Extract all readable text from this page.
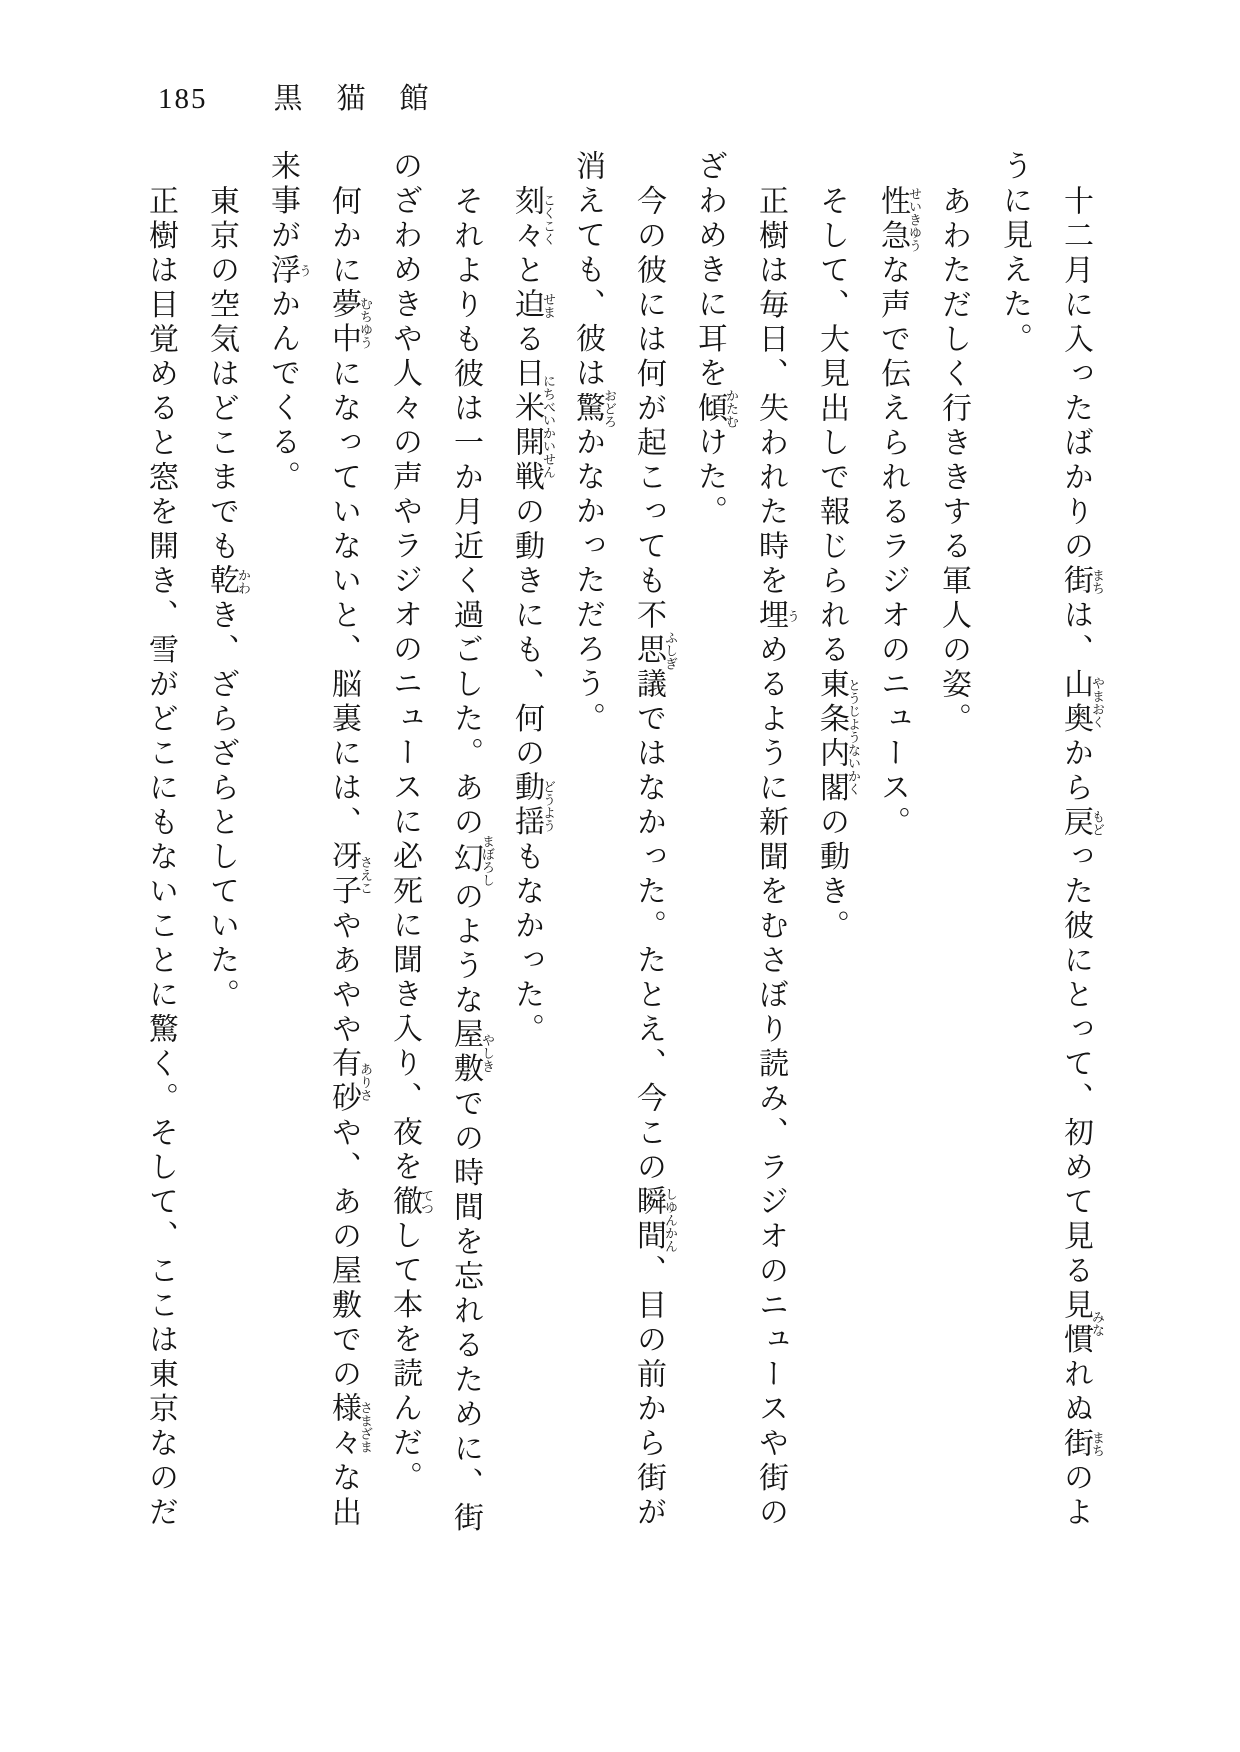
185 黒猫館
十二月に入ったばかりの街まちは、山奥やまおくから戻もどった彼にとって、初めて見る見慣みなれぬ街まちのよ
うに見えた。
あわただしく行ききする軍人の姿。
性急せいきゆうな声で伝えられるラジオのニュース。
そして、大見出しで報じられる東条内閣とうじようないかくの動き。
正樹は毎日、失われた時を埋うめるように新聞をむさぼり読み、ラジオのニュースや街の
ざわめきに耳を傾かたむけた。
今の彼には何が起こっても不思議ふしぎではなかった。たとえ、今この瞬間しゆんかん、目の前から街が
消えても、彼は驚おどろかなかっただろう。
刻々こくこくと迫せまる日米開戦にちべいかいせんの動きにも、何の動揺どうようもなかった。
それよりも彼は一か月近く過ごした。あの幻まぼろしのような屋敷やしきでの時間を忘れるために、街
のざわめきや人々の声やラジオのニュースに必死に聞き入り、夜を徹てつして本を読んだ。
何かに夢中むちゆうになっていないと、脳裏には、冴子さえこやあやや有砂ありさや、あの屋敷での様々さまざまな出
来事が浮うかんでくる。
東京の空気はどこまでも乾かわき、ざらざらとしていた。
正樹は目覚めると窓を開き、雪がどこにもないことに驚く。そして、ここは東京なのだ
